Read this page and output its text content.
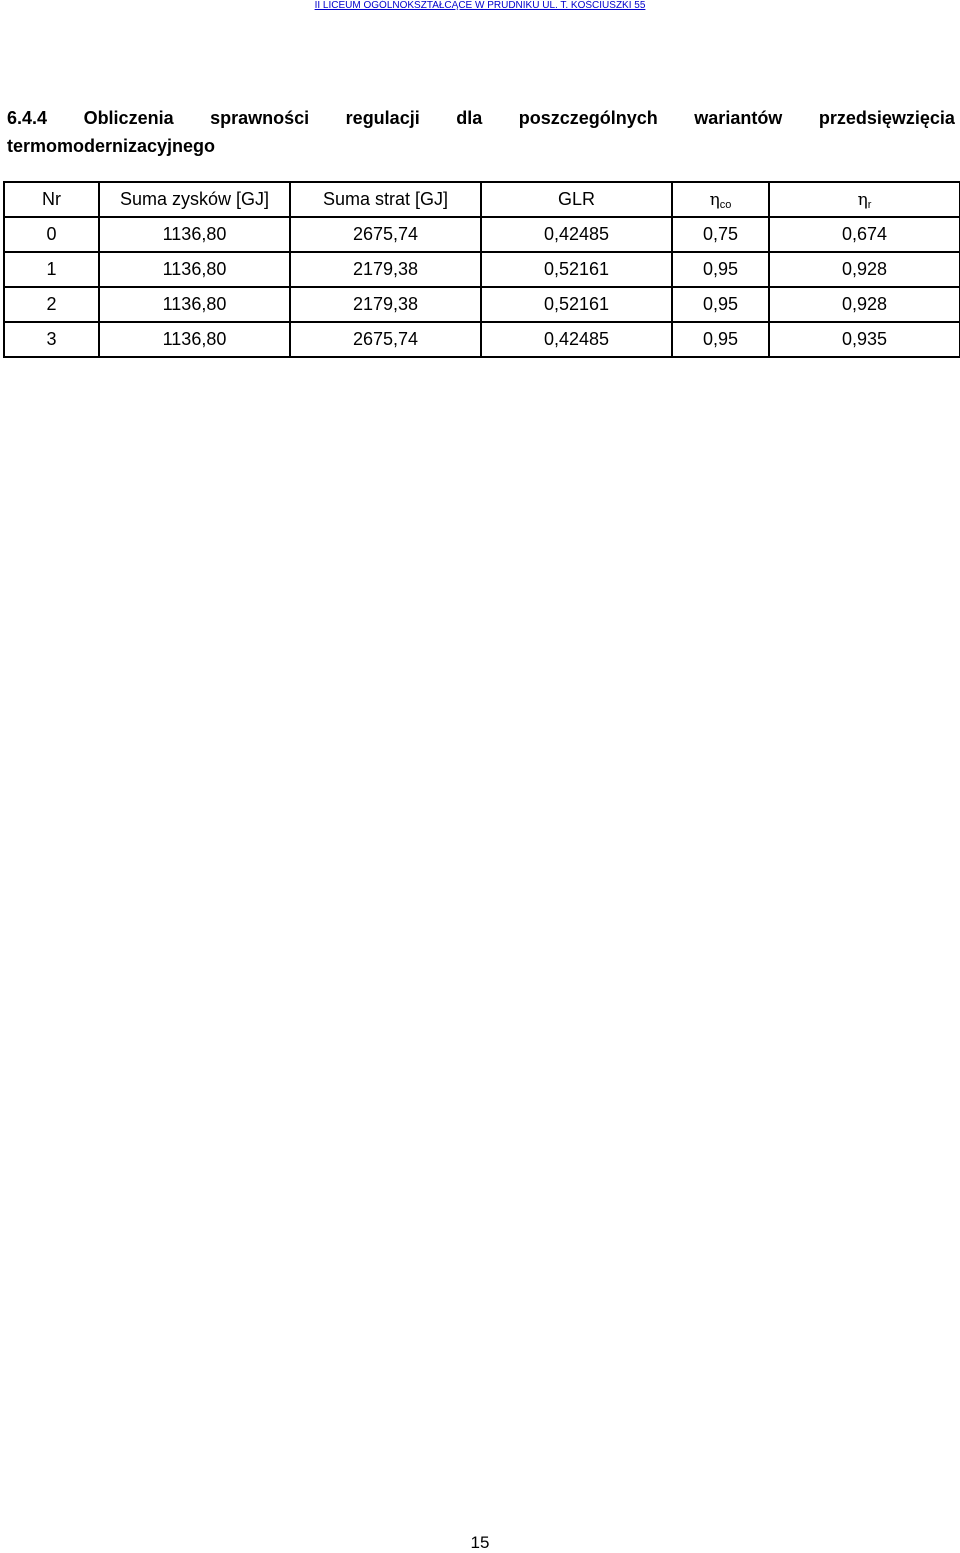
II LICEUM OGÓLNOKSZTAŁCĄCE W PRUDNIKU UL. T. KOŚCIUSZKI 55
6.4.4 Obliczenia sprawności regulacji dla poszczególnych wariantów przedsięwzięcia
termomodernizacyjnego
Nr	Suma zysków [GJ]	Suma strat [GJ]	GLR	ηco	ηr
0	1136,80	2675,74	0,42485	0,75	0,674
1	1136,80	2179,38	0,52161	0,95	0,928
2	1136,80	2179,38	0,52161	0,95	0,928
3	1136,80	2675,74	0,42485	0,95	0,935
15
